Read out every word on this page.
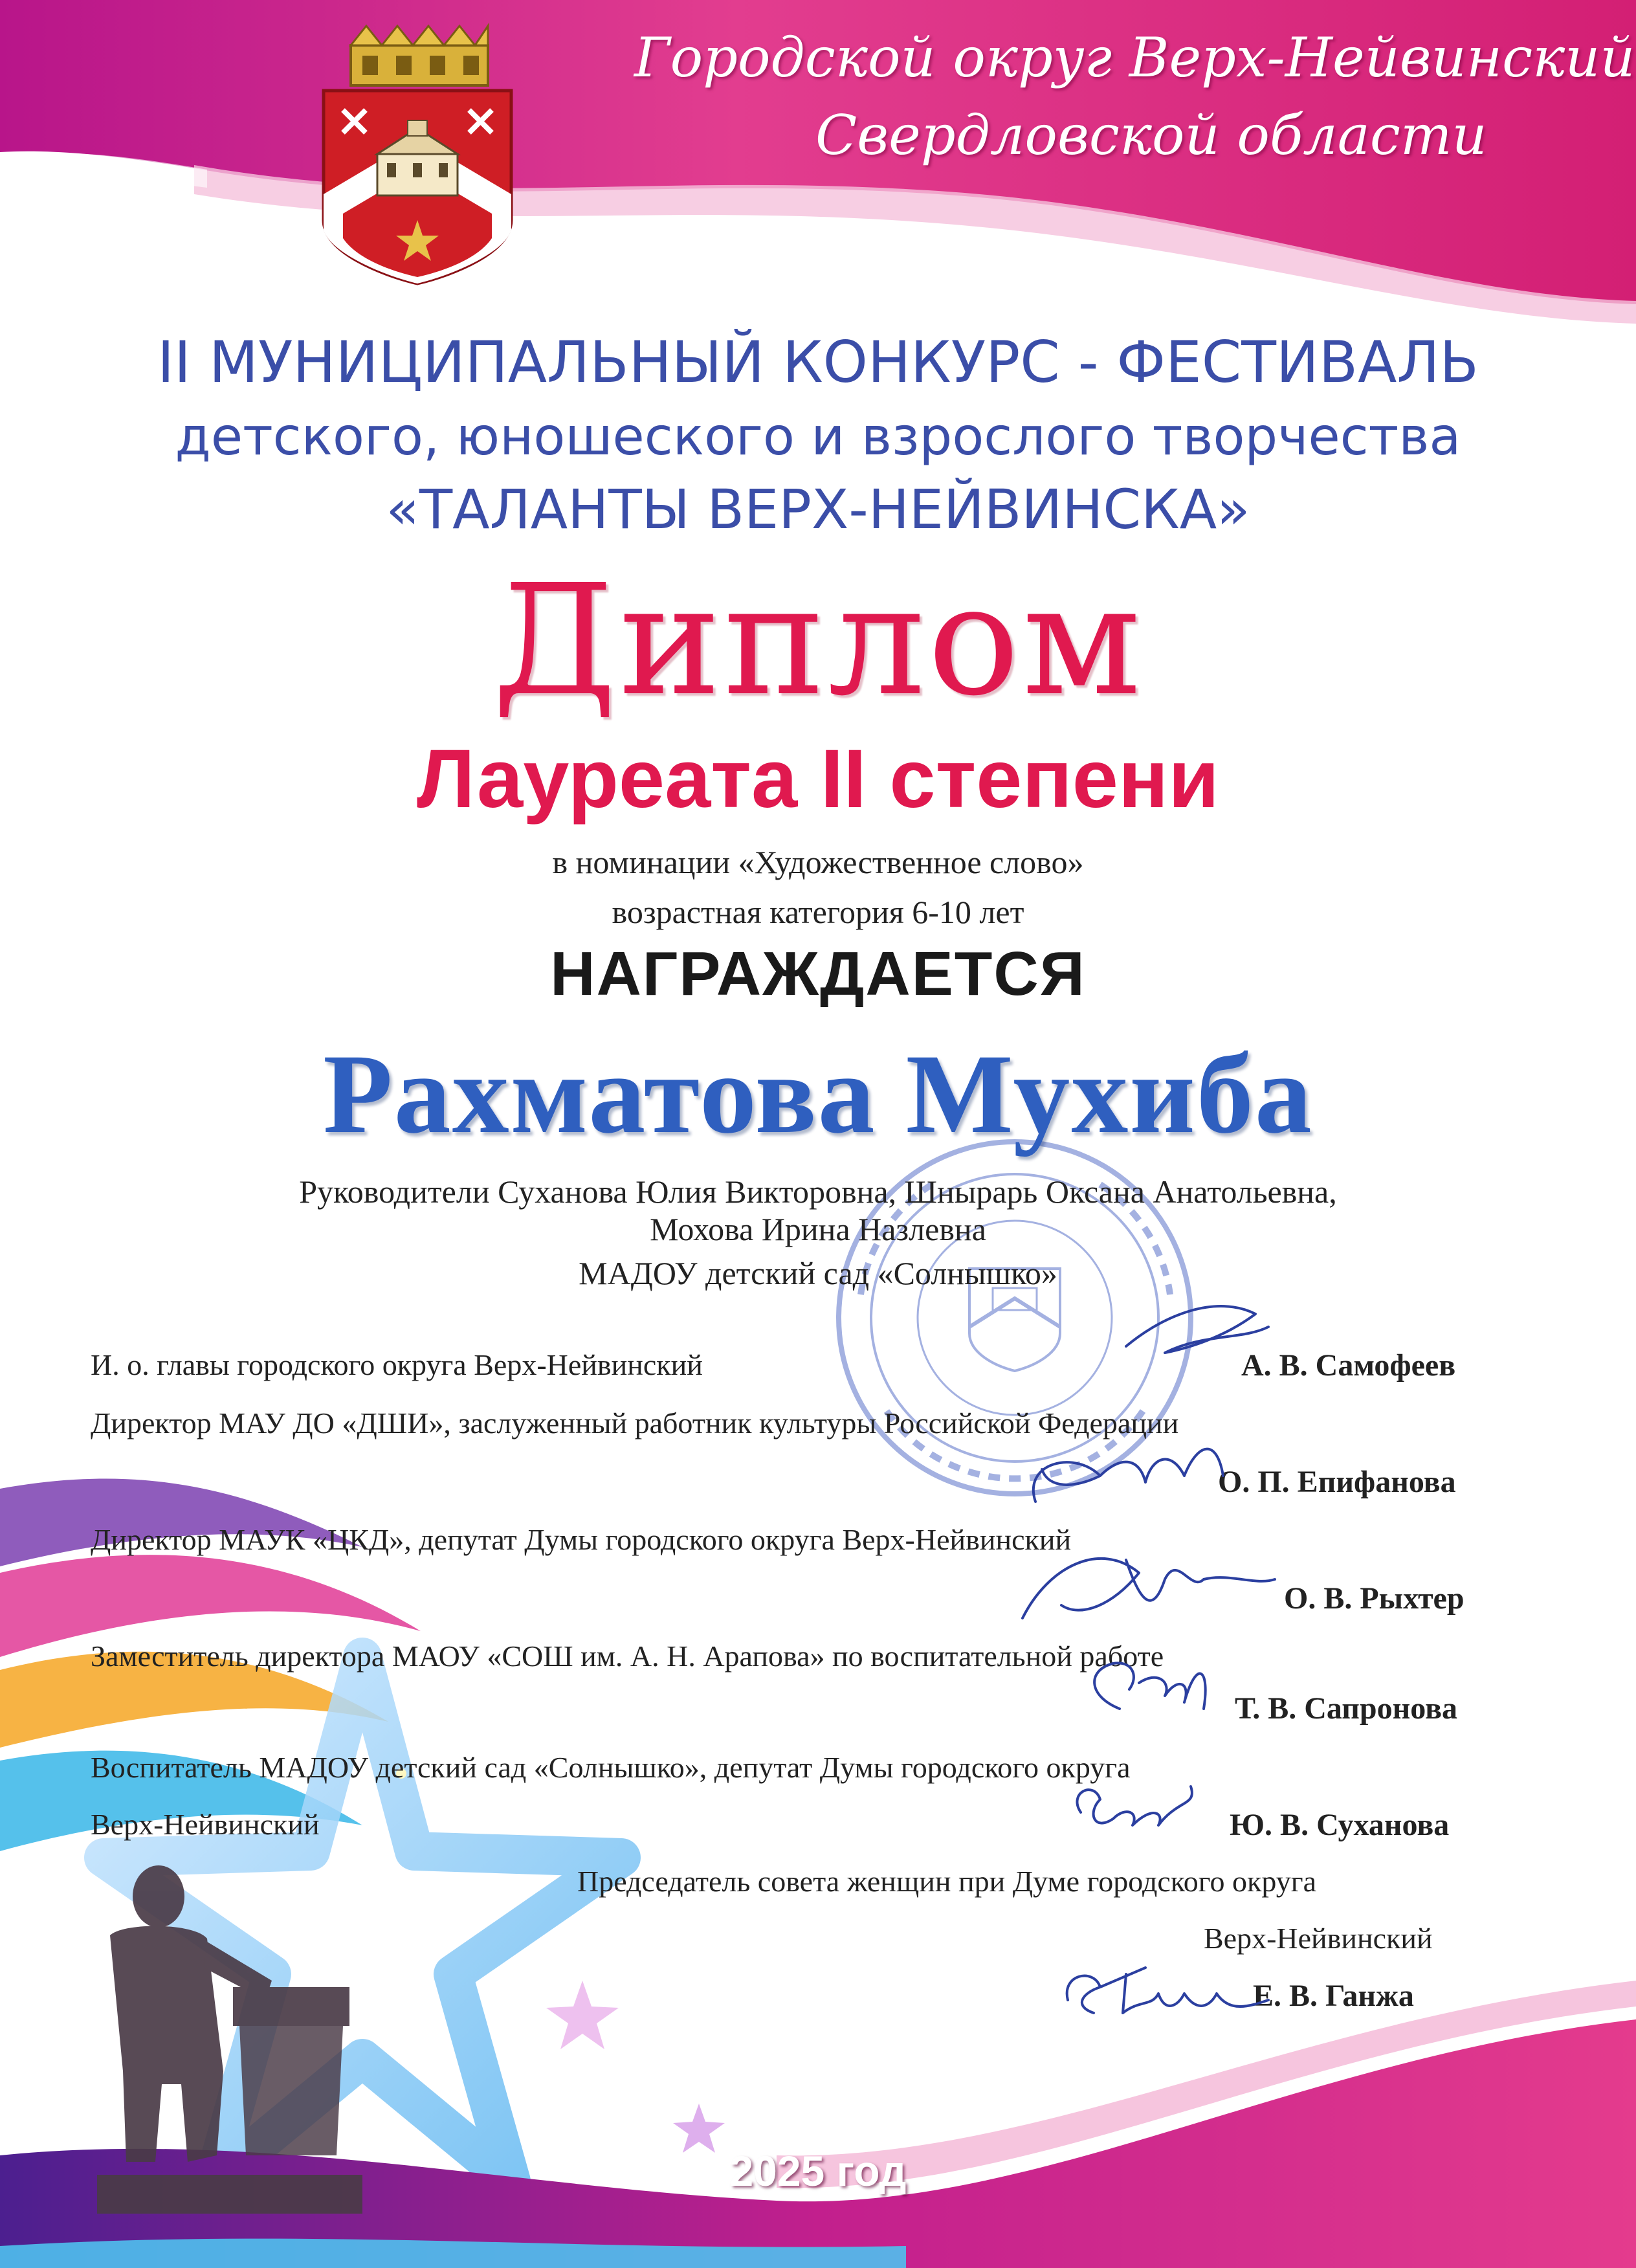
Городской округ Верх-Нейвинский
Свердловской области
II МУНИЦИПАЛЬНЫЙ КОНКУРС - ФЕСТИВАЛЬ
детского, юношеского и взрослого творчества
«ТАЛАНТЫ ВЕРХ-НЕЙВИНСКА»
Диплом
Лауреата II степени
в номинации «Художественное слово»
возрастная категория 6-10 лет
НАГРАЖДАЕТСЯ
Рахматова Мухиба
Руководители Суханова Юлия Викторовна, Шнырарь Оксана Анатольевна,
Мохова Ирина Назлевна
МАДОУ детский сад «Солнышко»
И. о. главы городского округа Верх-Нейвинский	А. В. Самофеев
Директор МАУ ДО «ДШИ», заслуженный работник культуры Российской Федерации
О. П. Епифанова
Директор МАУК «ЦКД», депутат Думы городского округа Верх-Нейвинский
О. В. Рыхтер
Заместитель директора МАОУ «СОШ им. А. Н. Арапова» по воспитательной работе
Т. В. Сапронова
Воспитатель МАДОУ детский сад «Солнышко», депутат Думы городского округа
Верх-Нейвинский	Ю. В. Суханова
Председатель совета женщин при Думе городского округа
Верх-Нейвинский
Е. В. Ганжа
2025 год
